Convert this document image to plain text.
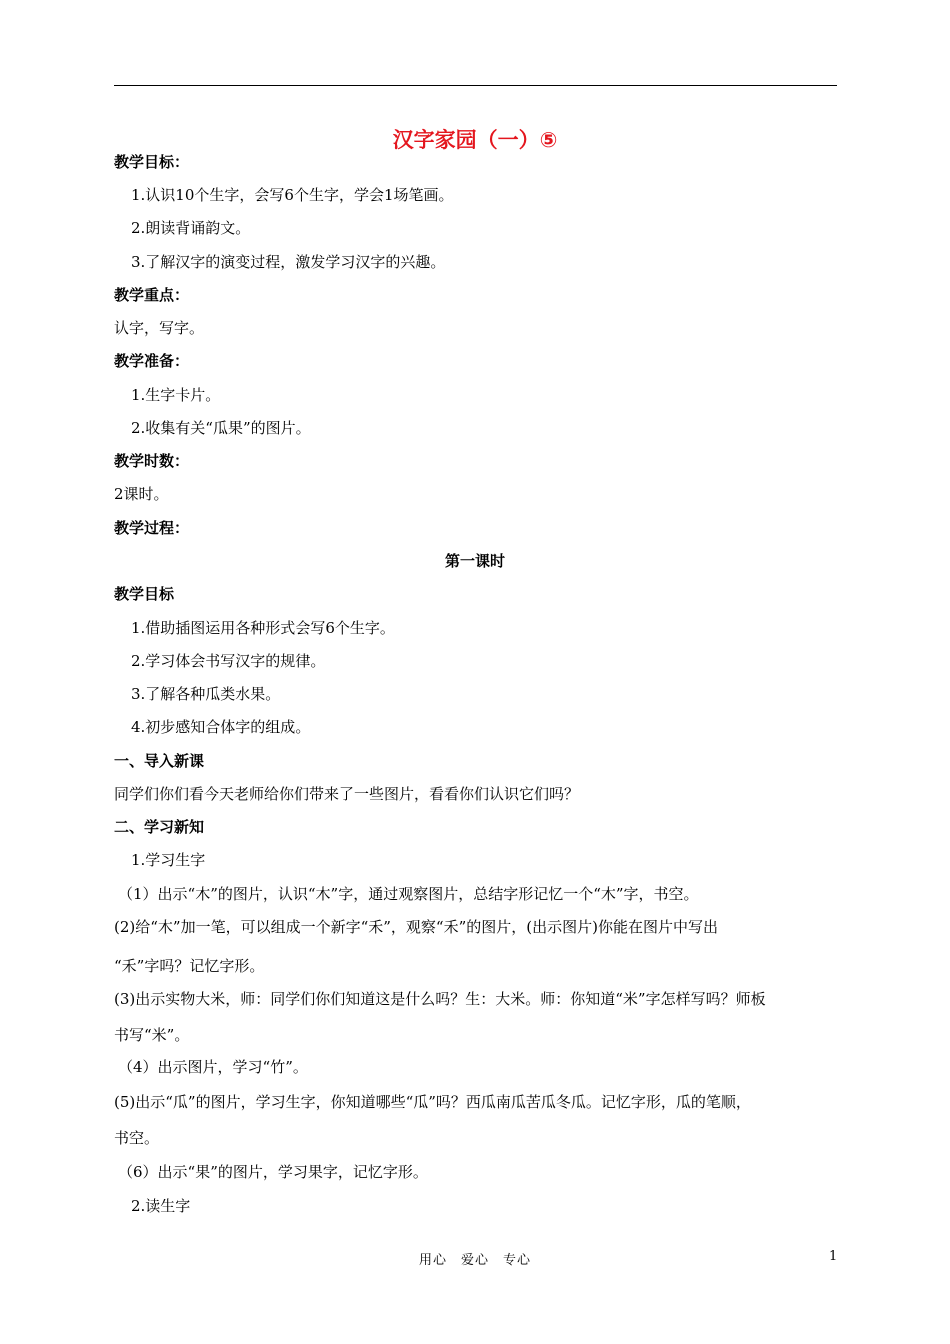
汉字家园（一）⑤
教学目标：
1.认识10个生字，会写6个生字，学会1场笔画。
2.朗读背诵韵文。
3.了解汉字的演变过程，激发学习汉字的兴趣。
教学重点：
认字，写字。
教学准备：
1.生字卡片。
2.收集有关“瓜果”的图片。
教学时数：
2课时。
教学过程：
第一课时
教学目标
1.借助插图运用各种形式会写6个生字。
2.学习体会书写汉字的规律。
3.了解各种瓜类水果。
4.初步感知合体字的组成。
一、导入新课
同学们你们看今天老师给你们带来了一些图片，看看你们认识它们吗？
二、学习新知
1.学习生字
（1）出示“木”的图片，认识“木”字，通过观察图片，总结字形记忆一个“木”字，书空。
(2)给“木”加一笔，可以组成一个新字“禾”，观察“禾”的图片，(出示图片)你能在图片中写出
“禾”字吗？记忆字形。
(3)出示实物大米，师：同学们你们知道这是什么吗？生：大米。师：你知道“米”字怎样写吗？师板
书写“米”。
（4）出示图片，学习“竹”。
(5)出示“瓜”的图片，学习生字，你知道哪些“瓜”吗？西瓜南瓜苦瓜冬瓜。记忆字形，瓜的笔顺，
书空。
（6）出示“果”的图片，学习果字，记忆字形。
2.读生字
用心　爱心　专心	1
